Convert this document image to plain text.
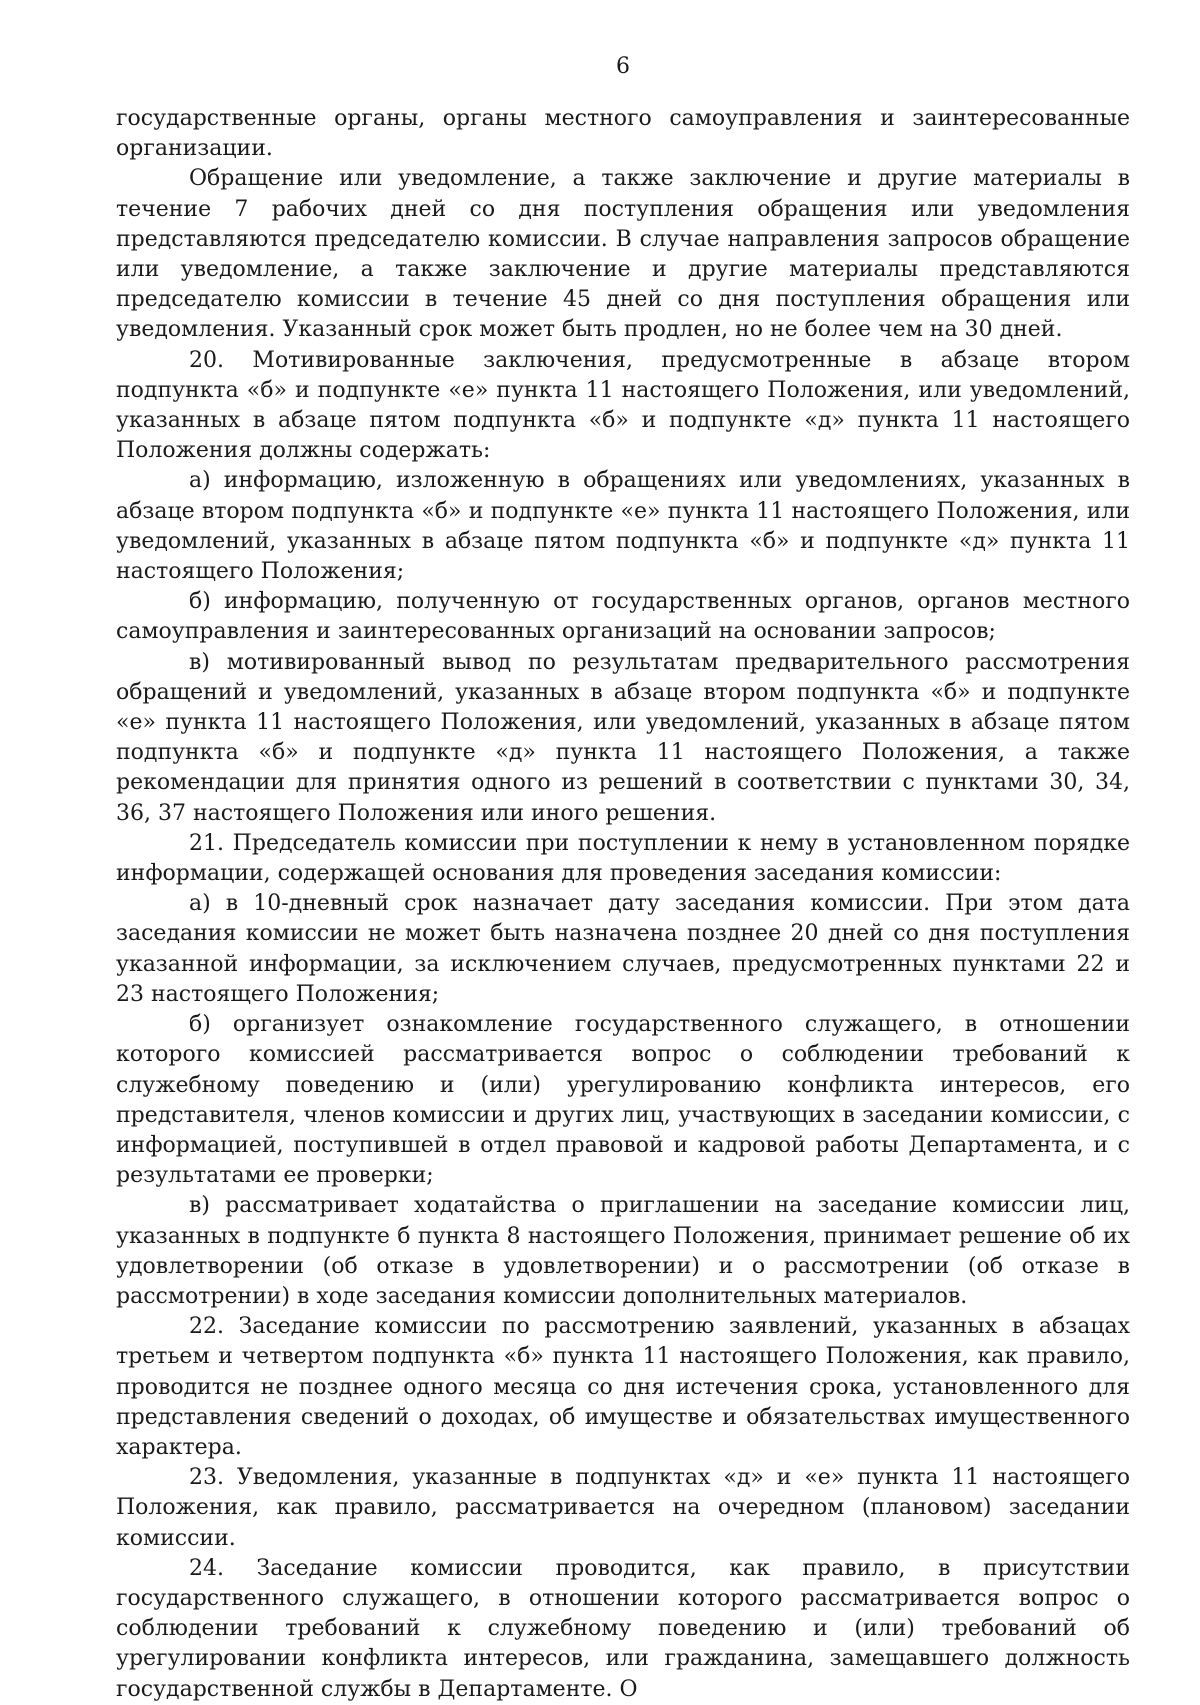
6

государственные органы, органы местного самоуправления и заинтересованные организации.

Обращение или уведомление, а также заключение и другие материалы в течение 7 рабочих дней со дня поступления обращения или уведомления представляются председателю комиссии. В случае направления запросов обращение или уведомление, а также заключение и другие материалы представляются председателю комиссии в течение 45 дней со дня поступления обращения или уведомления. Указанный срок может быть продлен, но не более чем на 30 дней.

20. Мотивированные заключения, предусмотренные в абзаце втором подпункта «б» и подпункте «е» пункта 11 настоящего Положения, или уведомлений, указанных в абзаце пятом подпункта «б» и подпункте «д» пункта 11 настоящего Положения должны содержать:

а) информацию, изложенную в обращениях или уведомлениях, указанных в абзаце втором подпункта «б» и подпункте «е» пункта 11 настоящего Положения, или уведомлений, указанных в абзаце пятом подпункта «б» и подпункте «д» пункта 11 настоящего Положения;

б) информацию, полученную от государственных органов, органов местного самоуправления и заинтересованных организаций на основании запросов;

в) мотивированный вывод по результатам предварительного рассмотрения обращений и уведомлений, указанных в абзаце втором подпункта «б» и подпункте «е» пункта 11 настоящего Положения, или уведомлений, указанных в абзаце пятом подпункта «б» и подпункте «д» пункта 11 настоящего Положения, а также рекомендации для принятия одного из решений в соответствии с пунктами 30, 34, 36, 37 настоящего Положения или иного решения.

21. Председатель комиссии при поступлении к нему в установленном порядке информации, содержащей основания для проведения заседания комиссии:

а) в 10-дневный срок назначает дату заседания комиссии. При этом дата заседания комиссии не может быть назначена позднее 20 дней со дня поступления указанной информации, за исключением случаев, предусмотренных пунктами 22 и 23 настоящего Положения;

б) организует ознакомление государственного служащего, в отношении которого комиссией рассматривается вопрос о соблюдении требований к служебному поведению и (или) урегулированию конфликта интересов, его представителя, членов комиссии и других лиц, участвующих в заседании комиссии, с информацией, поступившей в отдел правовой и кадровой работы Департамента, и с результатами ее проверки;

в) рассматривает ходатайства о приглашении на заседание комиссии лиц, указанных в подпункте б пункта 8 настоящего Положения, принимает решение об их удовлетворении (об отказе в удовлетворении) и о рассмотрении (об отказе в рассмотрении) в ходе заседания комиссии дополнительных материалов.

22. Заседание комиссии по рассмотрению заявлений, указанных в абзацах третьем и четвертом подпункта «б» пункта 11 настоящего Положения, как правило, проводится не позднее одного месяца со дня истечения срока, установленного для представления сведений о доходах, об имуществе и обязательствах имущественного характера.

23. Уведомления, указанные в подпунктах «д» и «е» пункта 11 настоящего Положения, как правило, рассматривается на очередном (плановом) заседании комиссии.

24. Заседание комиссии проводится, как правило, в присутствии государственного служащего, в отношении которого рассматривается вопрос о соблюдении требований к служебному поведению и (или) требований об урегулировании конфликта интересов, или гражданина, замещавшего должность государственной службы в Департаменте. О
